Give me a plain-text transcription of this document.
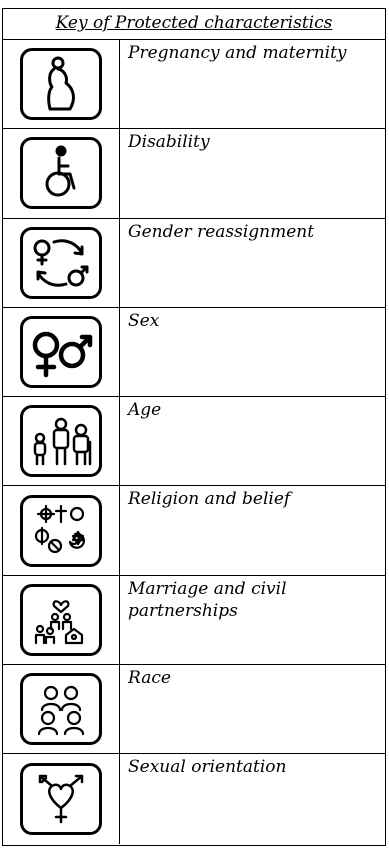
Key of Protected characteristics
Pregnancy and maternity
Disability
Gender reassignment
Sex
Age
Religion and belief
Marriage and civil partnerships
Race
Sexual orientation
